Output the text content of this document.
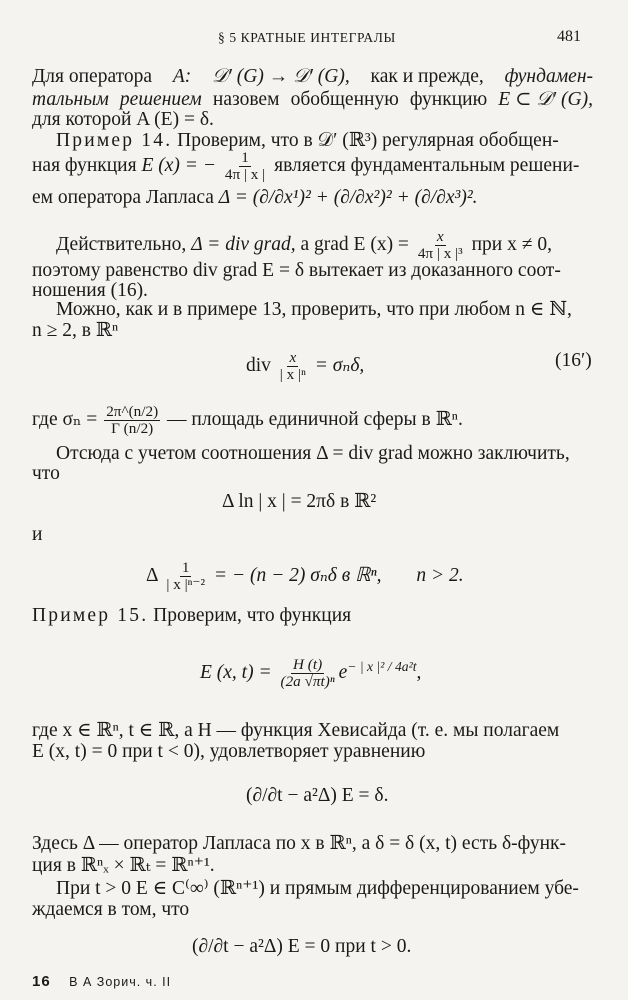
§ 5 КРАТНЫЕ ИНТЕГРАЛЫ	481
Для оператора A: 𝒟′ (G) → 𝒟′ (G), как и прежде, фундамен-
тальным решением назовем обобщенную функцию E ⊂ 𝒟′ (G),
для которой A (E) = δ.
Пример 14. Проверим, что в 𝒟′ (ℝ³) регулярная обобщен-
ная функция E (x) = − $\frac{1}{4\pi | x |}$ является фундаментальным решени-
ем оператора Лапласа Δ = (∂/∂x¹)² + (∂/∂x²)² + (∂/∂x³)².
Действительно, Δ = div grad, а grad E $(x) = \frac{x}{\text{4π | x |³}}$ при x ≠ 0,
поэтому равенство div grad E = δ вытекает из доказанного соот-
ношения (16).
Можно, как и в примере 13, проверить, что при любом n ∈ ℕ,
n ≥ 2, в ℝⁿ
div $\frac{x}{\text{| x |ⁿ}} = \sigma_n\delta$,	(16′)
где $\sigma_n = \frac{2\pi\^{}(n/2)}{\Gamma (n/2)}$ — площадь единичной сферы в ℝⁿ.
Отсюда с учетом соотношения Δ = div grad можно заключить,
что
Δ ln | x | = 2πδ в ℝ²
и
Δ $\frac{1}{\text{| x |ⁿ⁻²}}$ = − (n − 2) σₙδ в ℝⁿ, n > 2.
Пример 15. Проверим, что функция
E (x, $t) = \frac{H (t)}{\text{(2a √πt)ⁿ}} e^{- | x |^2 / 4a^2t}$,
где x ∈ ℝⁿ, t ∈ ℝ, а H — функция Хевисайда (т. е. мы полагаем
E (x, t) = 0 при t < 0), удовлетворяет уравнению
(∂/∂t − a²Δ) E = δ.
Здесь Δ — оператор Лапласа по x в ℝⁿ, а δ = δ (x, t) есть δ-функ-
ция в ℝⁿₓ × ℝₜ = ℝⁿ⁺¹.
При t > 0 E ∈ C⁽∞⁾ (ℝⁿ⁺¹) и прямым дифференцированием убе-
ждаемся в том, что
(∂/∂t − a²Δ) E = 0 при t > 0.
16 В А Зорич. ч. II
